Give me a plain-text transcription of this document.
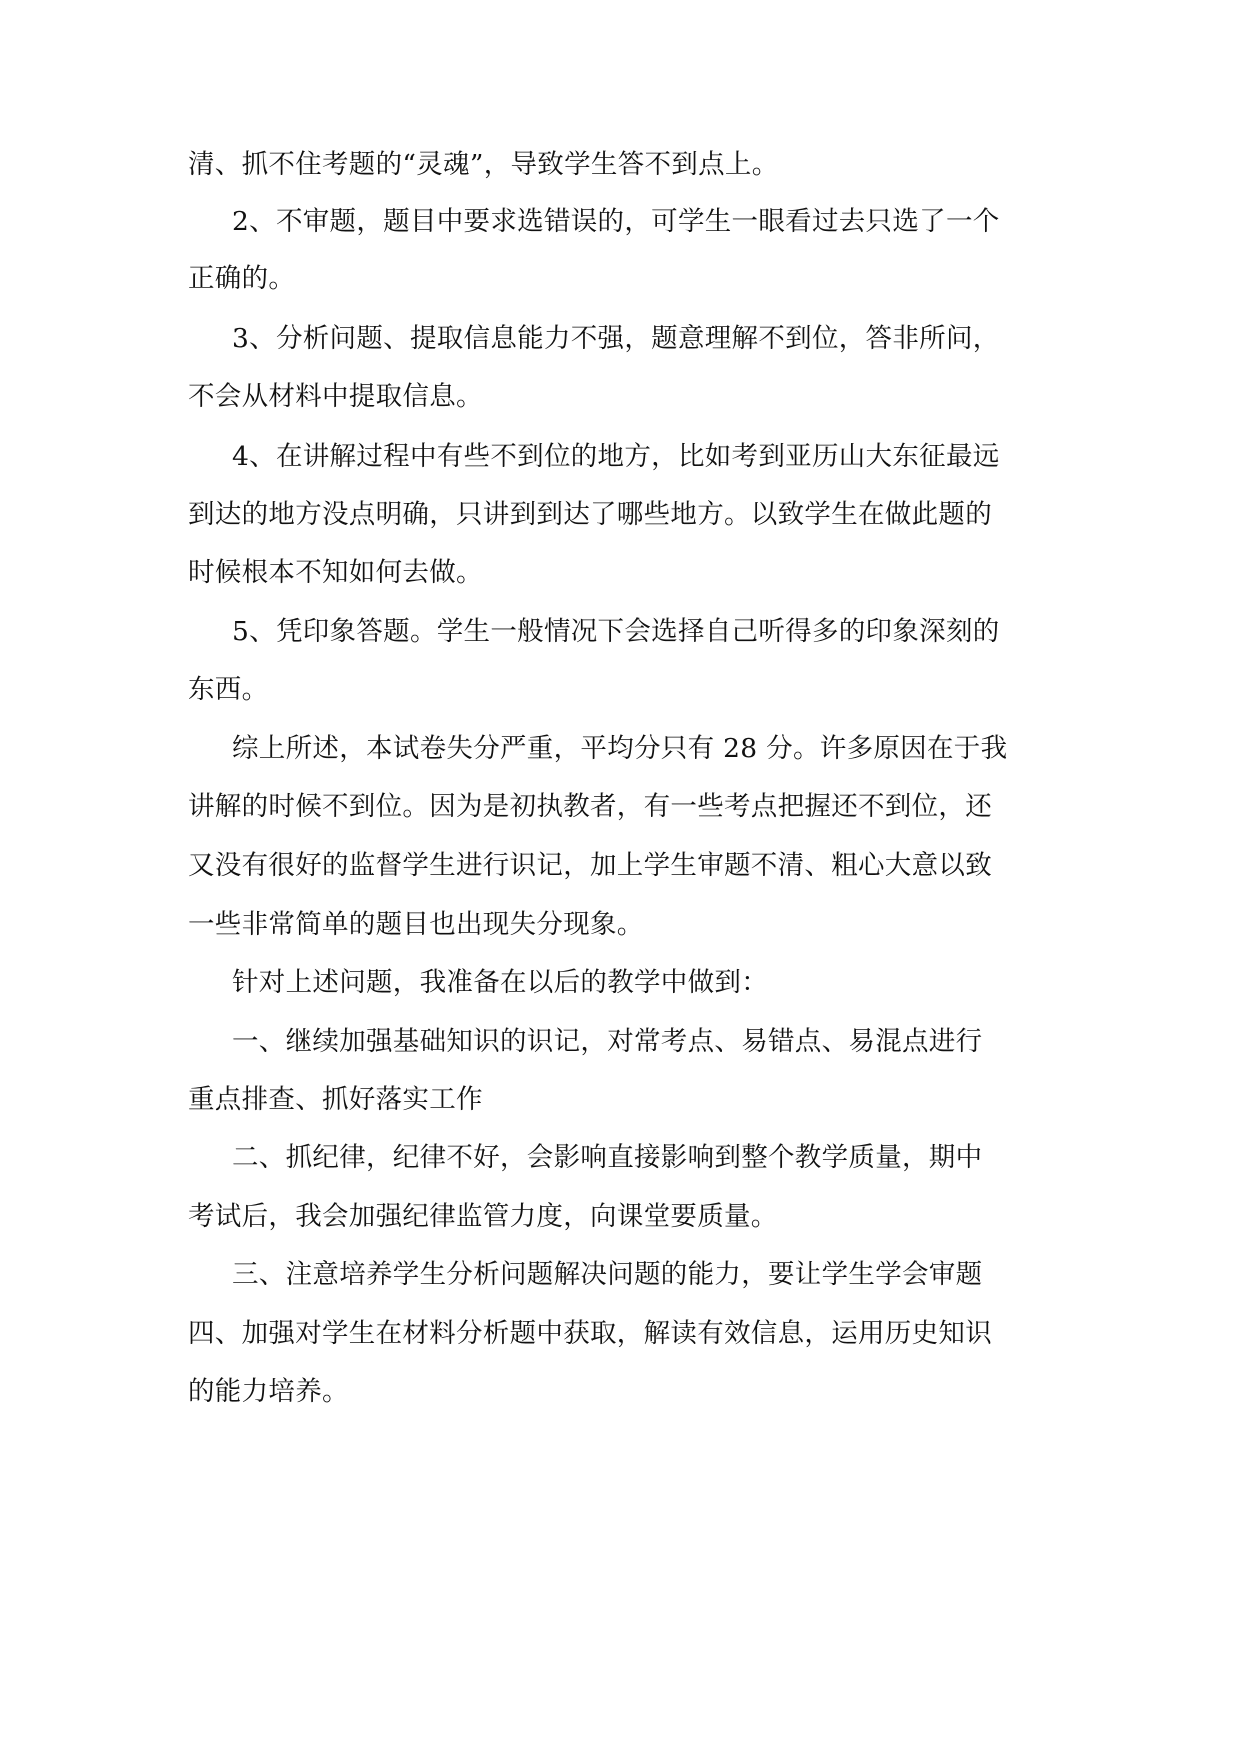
清、抓不住考题的“灵魂”，导致学生答不到点上。
2、不审题，题目中要求选错误的，可学生一眼看过去只选了一个
正确的。
3、分析问题、提取信息能力不强，题意理解不到位，答非所问，
不会从材料中提取信息。
4、在讲解过程中有些不到位的地方，比如考到亚历山大东征最远
到达的地方没点明确，只讲到到达了哪些地方。以致学生在做此题的
时候根本不知如何去做。
5、凭印象答题。学生一般情况下会选择自己听得多的印象深刻的
东西。
综上所述，本试卷失分严重，平均分只有 28 分。许多原因在于我
讲解的时候不到位。因为是初执教者，有一些考点把握还不到位，还
又没有很好的监督学生进行识记，加上学生审题不清、粗心大意以致
一些非常简单的题目也出现失分现象。
针对上述问题，我准备在以后的教学中做到：
一、继续加强基础知识的识记，对常考点、易错点、易混点进行
重点排查、抓好落实工作
二、抓纪律，纪律不好，会影响直接影响到整个教学质量，期中
考试后，我会加强纪律监管力度，向课堂要质量。
三、注意培养学生分析问题解决问题的能力，要让学生学会审题
四、加强对学生在材料分析题中获取，解读有效信息，运用历史知识
的能力培养。
